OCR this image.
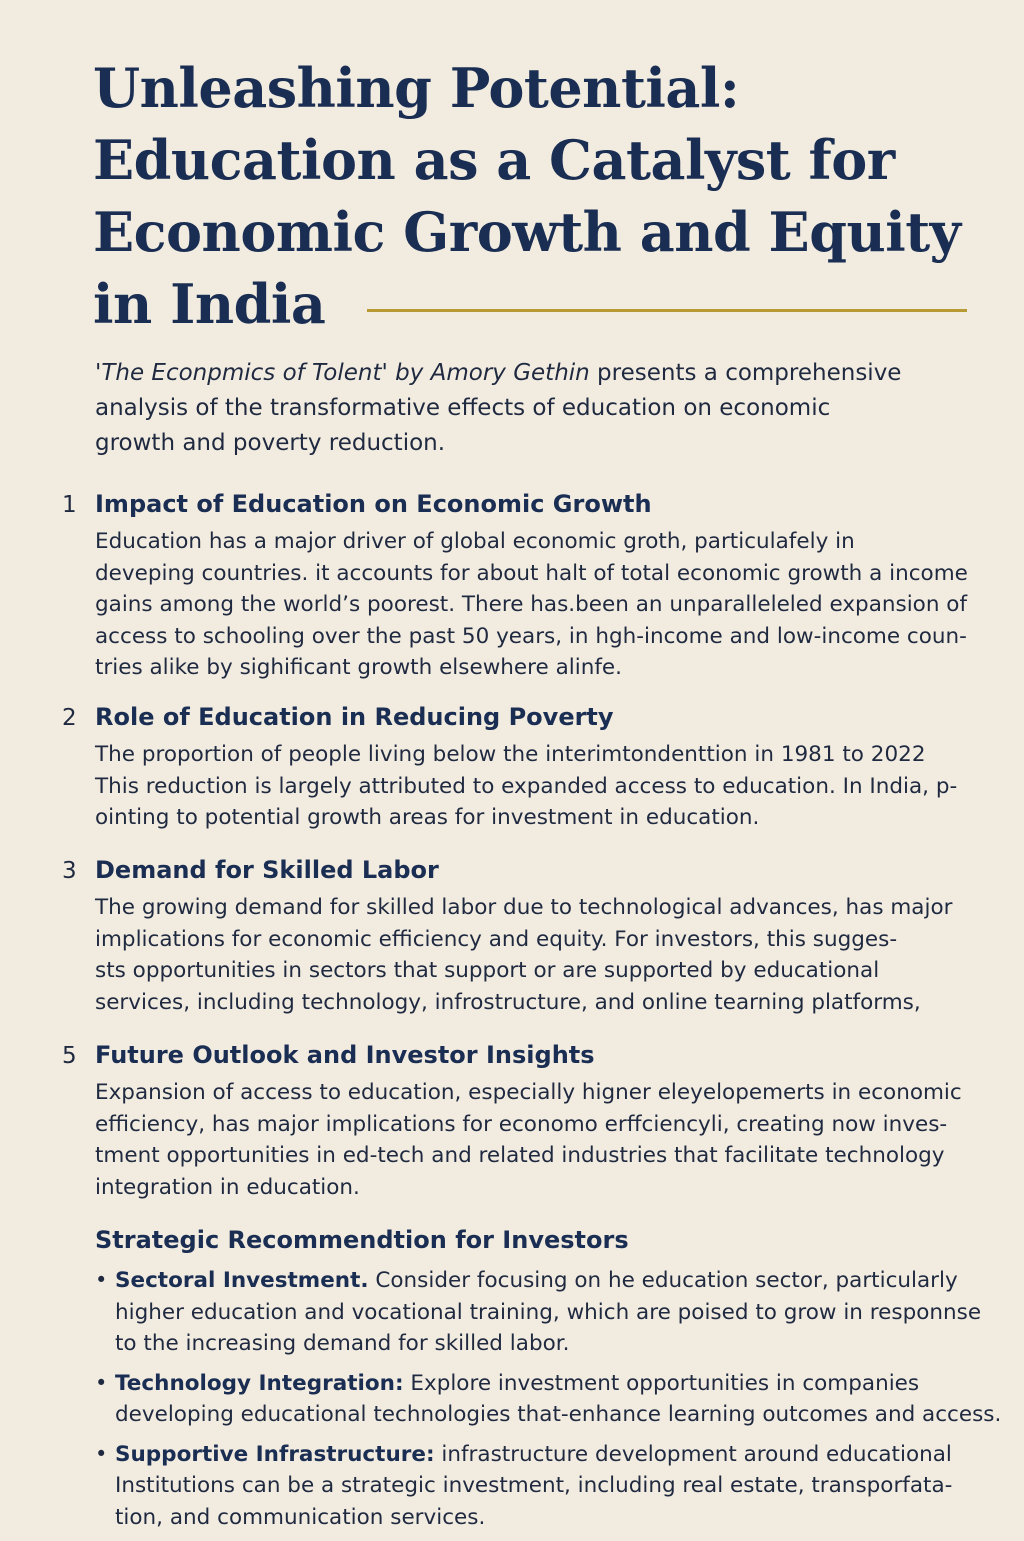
Unleashing Potential:
Education as a Catalyst for
Economic Growth and Equity
in India
'The Econpmics of Tolent' by Amory Gethin presents a comprehensive
analysis of the transformative effects of education on economic
growth and poverty reduction.
1 Impact of Education on Economic Growth
Education has a major driver of global economic groth, particulafely in
deveping countries. it accounts for about halt of total economic growth a income
gains among the world’s poorest. There has.been an unparalleleled expansion of
access to schooling over the past 50 years, in hgh-income and low-income coun-
tries alike by sighificant growth elsewhere alinfe.
2 Role of Education in Reducing Poverty
The proportion of people living below the interimtondenttion in 1981 to 2022
This reduction is largely attributed to expanded access to education. In India, p-
ointing to potential growth areas for investment in education.
3 Demand for Skilled Labor
The growing demand for skilled labor due to technological advances, has major
implications for economic efficiency and equity. For investors, this sugges-
sts opportunities in sectors that support or are supported by educational
services, including technology, infrostructure, and online tearning platforms,
5 Future Outlook and Investor Insights
Expansion of access to education, especially higner eleyelopemerts in economic
efficiency, has major implications for economo erffciencyli, creating now inves-
tment opportunities in ed-tech and related industries that facilitate technology
integration in education.
Strategic Recommendtion for Investors
• Sectoral Investment. Consider focusing on he education sector, particularly
higher education and vocational training, which are poised to grow in responnse
to the increasing demand for skilled labor.
• Technology Integration: Explore investment opportunities in companies
developing educational technologies that-enhance learning outcomes and access.
• Supportive Infrastructure: infrastructure development around educational
Institutions can be a strategic investment, including real estate, transporfata-
tion, and communication services.
